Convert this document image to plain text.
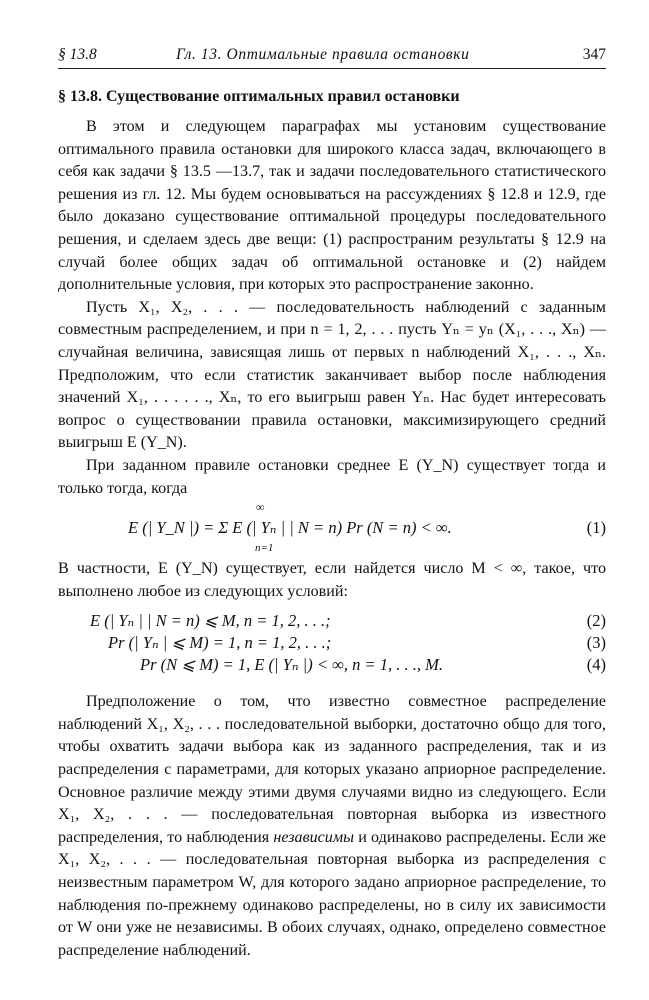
§ 13.8	Гл. 13. Оптимальные правила остановки	347
§ 13.8. Существование оптимальных правил остановки

В этом и следующем параграфах мы установим существование оптимального правила остановки для широкого класса задач, включающего в себя как задачи § 13.5 —13.7, так и задачи последовательного статистического решения из гл. 12. Мы будем основываться на рассуждениях § 12.8 и 12.9, где было доказано существование оптимальной процедуры последовательного решения, и сделаем здесь две вещи: (1) распространим результаты § 12.9 на случай более общих задач об оптимальной остановке и (2) найдем дополнительные условия, при которых это распространение законно.

Пусть X₁, X₂, . . . — последовательность наблюдений с заданным совместным распределением, и при n = 1, 2, . . . пусть Yₙ = yₙ (X₁, . . ., Xₙ) — случайная величина, зависящая лишь от первых n наблюдений X₁, . . ., Xₙ. Предположим, что если статистик заканчивает выбор после наблюдения значений X₁, . . . . . ., Xₙ, то его выигрыш равен Yₙ. Нас будет интересовать вопрос о существовании правила остановки, максимизирующего средний выигрыш E (Y_N).

При заданном правиле остановки среднее E (Y_N) существует тогда и только тогда, когда

∞
E (| Y_N |) = Σ E (| Yₙ | | N = n) Pr (N = n) < ∞.
n=1
(1)

В частности, E (Y_N) существует, если найдется число M < ∞, такое, что выполнено любое из следующих условий:

E (| Yₙ | | N = n) ⩽ M, n = 1, 2, . . .;	(2)
Pr (| Yₙ | ⩽ M) = 1, n = 1, 2, . . .;	(3)
Pr (N ⩽ M) = 1, E (| Yₙ |) < ∞, n = 1, . . ., M.	(4)

Предположение о том, что известно совместное распределение наблюдений X₁, X₂, . . . последовательной выборки, достаточно общо для того, чтобы охватить задачи выбора как из заданного распределения, так и из распределения с параметрами, для которых указано априорное распределение. Основное различие между этими двумя случаями видно из следующего. Если X₁, X₂, . . . — последовательная повторная выборка из известного распределения, то наблюдения независимы и одинаково распределены. Если же X₁, X₂, . . . — последовательная повторная выборка из распределения с неизвестным параметром W, для которого задано априорное распределение, то наблюдения по-прежнему одинаково распределены, но в силу их зависимости от W они уже не независимы. В обоих случаях, однако, определено совместное распределение наблюдений.
